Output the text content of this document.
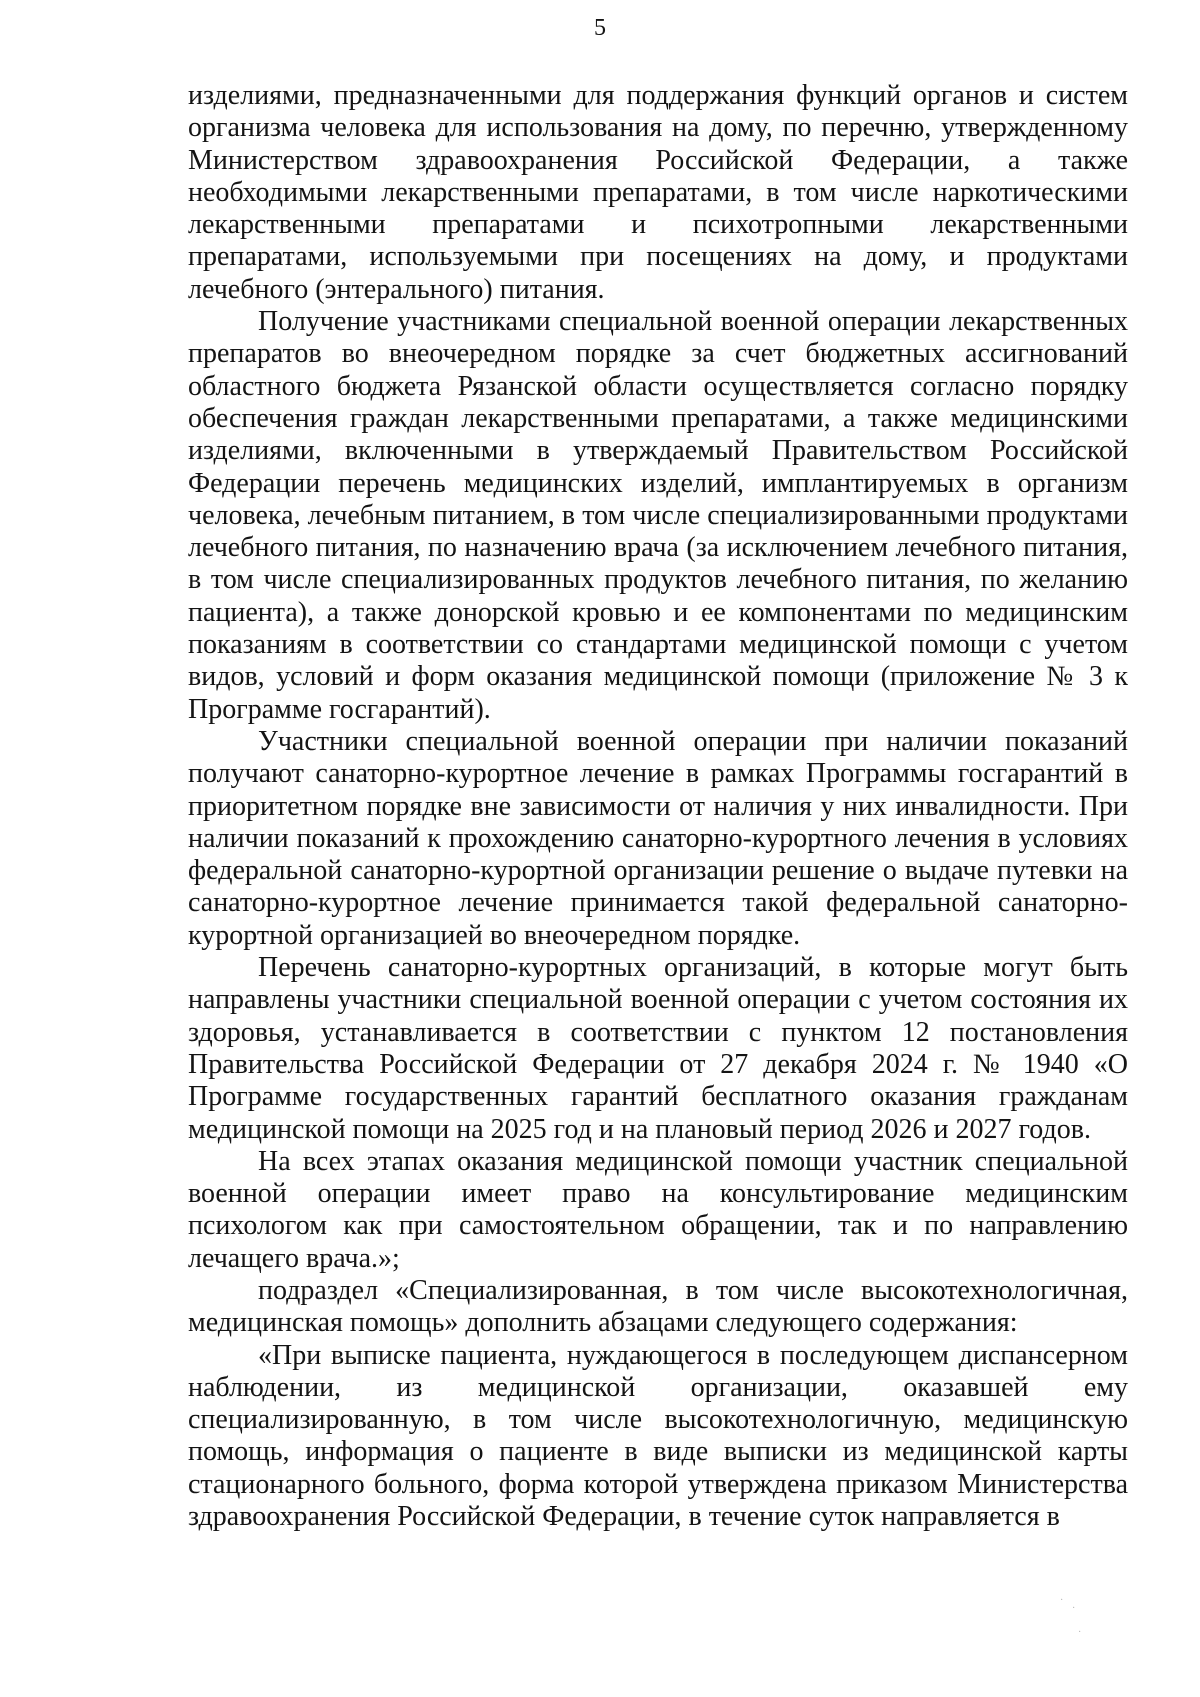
5

изделиями, предназначенными для поддержания функций органов и систем организма человека для использования на дому, по перечню, утвержденному Министерством здравоохранения Российской Федерации, а также необходимыми лекарственными препаратами, в том числе наркотическими лекарственными препаратами и психотропными лекарственными препаратами, используемыми при посещениях на дому, и продуктами лечебного (энтерального) питания.

Получение участниками специальной военной операции лекарственных препаратов во внеочередном порядке за счет бюджетных ассигнований областного бюджета Рязанской области осуществляется согласно порядку обеспечения граждан лекарственными препаратами, а также медицинскими изделиями, включенными в утверждаемый Правительством Российской Федерации перечень медицинских изделий, имплантируемых в организм человека, лечебным питанием, в том числе специализированными продуктами лечебного питания, по назначению врача (за исключением лечебного питания, в том числе специализированных продуктов лечебного питания, по желанию пациента), а также донорской кровью и ее компонентами по медицинским показаниям в соответствии со стандартами медицинской помощи с учетом видов, условий и форм оказания медицинской помощи (приложение № 3 к Программе госгарантий).

Участники специальной военной операции при наличии показаний получают санаторно-курортное лечение в рамках Программы госгарантий в приоритетном порядке вне зависимости от наличия у них инвалидности. При наличии показаний к прохождению санаторно-курортного лечения в условиях федеральной санаторно-курортной организации решение о выдаче путевки на санаторно-курортное лечение принимается такой федеральной санаторно-курортной организацией во внеочередном порядке.

Перечень санаторно-курортных организаций, в которые могут быть направлены участники специальной военной операции с учетом состояния их здоровья, устанавливается в соответствии с пунктом 12 постановления Правительства Российской Федерации от 27 декабря 2024 г. № 1940 «О Программе государственных гарантий бесплатного оказания гражданам медицинской помощи на 2025 год и на плановый период 2026 и 2027 годов.

На всех этапах оказания медицинской помощи участник специальной военной операции имеет право на консультирование медицинским психологом как при самостоятельном обращении, так и по направлению лечащего врача.»;

подраздел «Специализированная, в том числе высокотехнологичная, медицинская помощь» дополнить абзацами следующего содержания:

«При выписке пациента, нуждающегося в последующем диспансерном наблюдении, из медицинской организации, оказавшей ему специализированную, в том числе высокотехнологичную, медицинскую помощь, информация о пациенте в виде выписки из медицинской карты стационарного больного, форма которой утверждена приказом Министерства здравоохранения Российской Федерации, в течение суток направляется в

·
·
·
